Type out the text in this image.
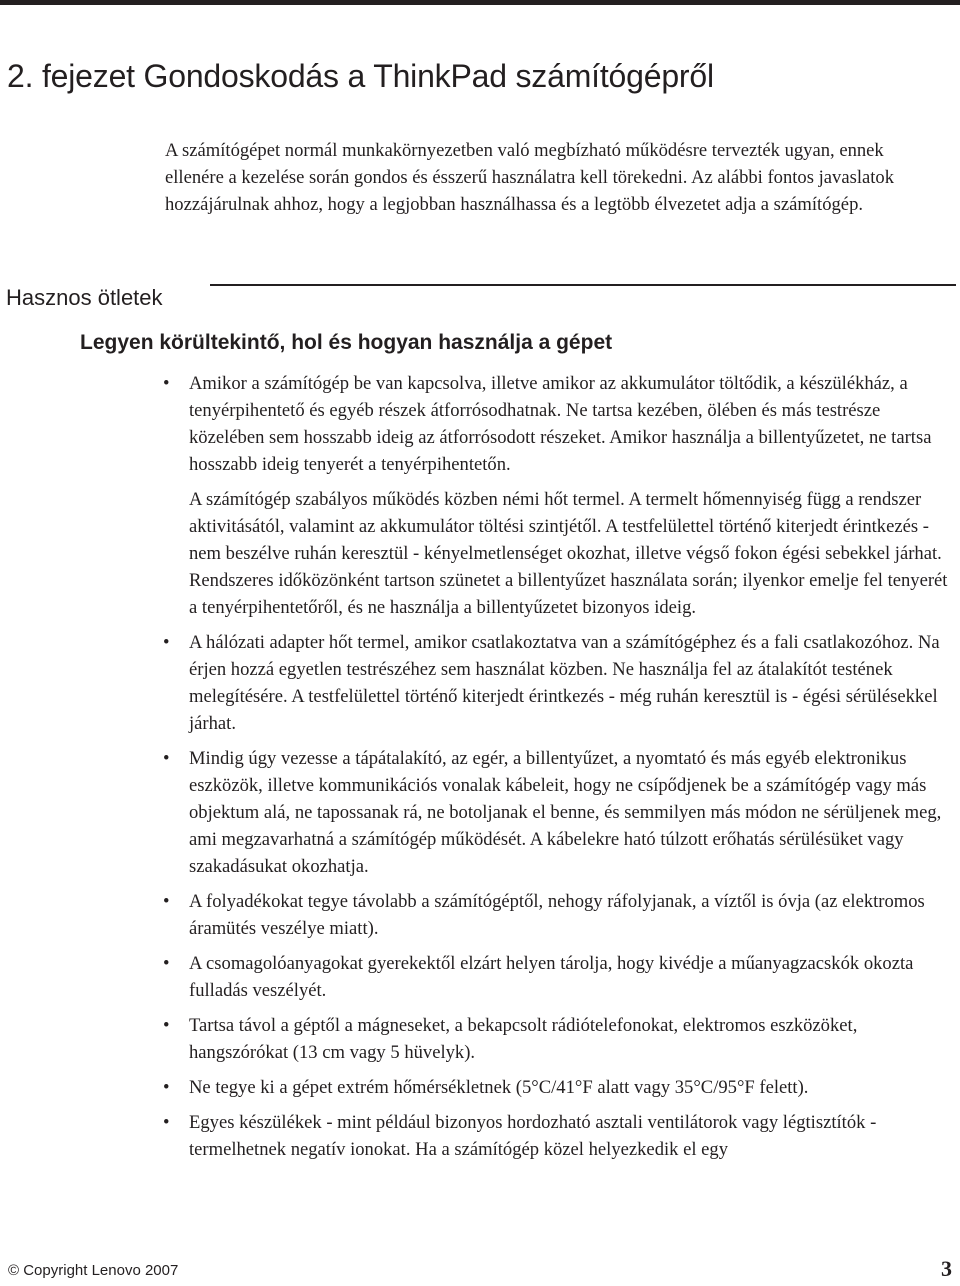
2. fejezet Gondoskodás a ThinkPad számítógépről

A számítógépet normál munkakörnyezetben való megbízható működésre tervezték ugyan, ennek ellenére a kezelése során gondos és ésszerű használatra kell törekedni. Az alábbi fontos javaslatok hozzájárulnak ahhoz, hogy a legjobban használhassa és a legtöbb élvezetet adja a számítógép.

Hasznos ötletek
Legyen körültekintő, hol és hogyan használja a gépet
• Amikor a számítógép be van kapcsolva, illetve amikor az akkumulátor töltődik, a készülékház, a tenyérpihentető és egyéb részek átforrósodhatnak. Ne tartsa kezében, ölében és más testrésze közelében sem hosszabb ideig az átforrósodott részeket. Amikor használja a billentyűzetet, ne tartsa hosszabb ideig tenyerét a tenyérpihentetőn.

A számítógép szabályos működés közben némi hőt termel. A termelt hőmennyiség függ a rendszer aktivitásától, valamint az akkumulátor töltési szintjétől. A testfelülettel történő kiterjedt érintkezés - nem beszélve ruhán keresztül - kényelmetlenséget okozhat, illetve végső fokon égési sebekkel járhat. Rendszeres időközönként tartson szünetet a billentyűzet használata során; ilyenkor emelje fel tenyerét a tenyérpihentetőről, és ne használja a billentyűzetet bizonyos ideig.

• A hálózati adapter hőt termel, amikor csatlakoztatva van a számítógéphez és a fali csatlakozóhoz. Na érjen hozzá egyetlen testrészéhez sem használat közben. Ne használja fel az átalakítót testének melegítésére. A testfelülettel történő kiterjedt érintkezés - még ruhán keresztül is - égési sérülésekkel járhat.

• Mindig úgy vezesse a tápátalakító, az egér, a billentyűzet, a nyomtató és más egyéb elektronikus eszközök, illetve kommunikációs vonalak kábeleit, hogy ne csípődjenek be a számítógép vagy más objektum alá, ne tapossanak rá, ne botoljanak el benne, és semmilyen más módon ne sérüljenek meg, ami megzavarhatná a számítógép működését. A kábelekre ható túlzott erőhatás sérülésüket vagy szakadásukat okozhatja.

• A folyadékokat tegye távolabb a számítógéptől, nehogy ráfolyjanak, a víztől is óvja (az elektromos áramütés veszélye miatt).

• A csomagolóanyagokat gyerekektől elzárt helyen tárolja, hogy kivédje a műanyagzacskók okozta fulladás veszélyét.

• Tartsa távol a géptől a mágneseket, a bekapcsolt rádiótelefonokat, elektromos eszközöket, hangszórókat (13 cm vagy 5 hüvelyk).

• Ne tegye ki a gépet extrém hőmérsékletnek (5°C/41°F alatt vagy 35°C/95°F felett).

• Egyes készülékek - mint például bizonyos hordozható asztali ventilátorok vagy légtisztítók - termelhetnek negatív ionokat. Ha a számítógép közel helyezkedik el egy

© Copyright Lenovo 2007	3
